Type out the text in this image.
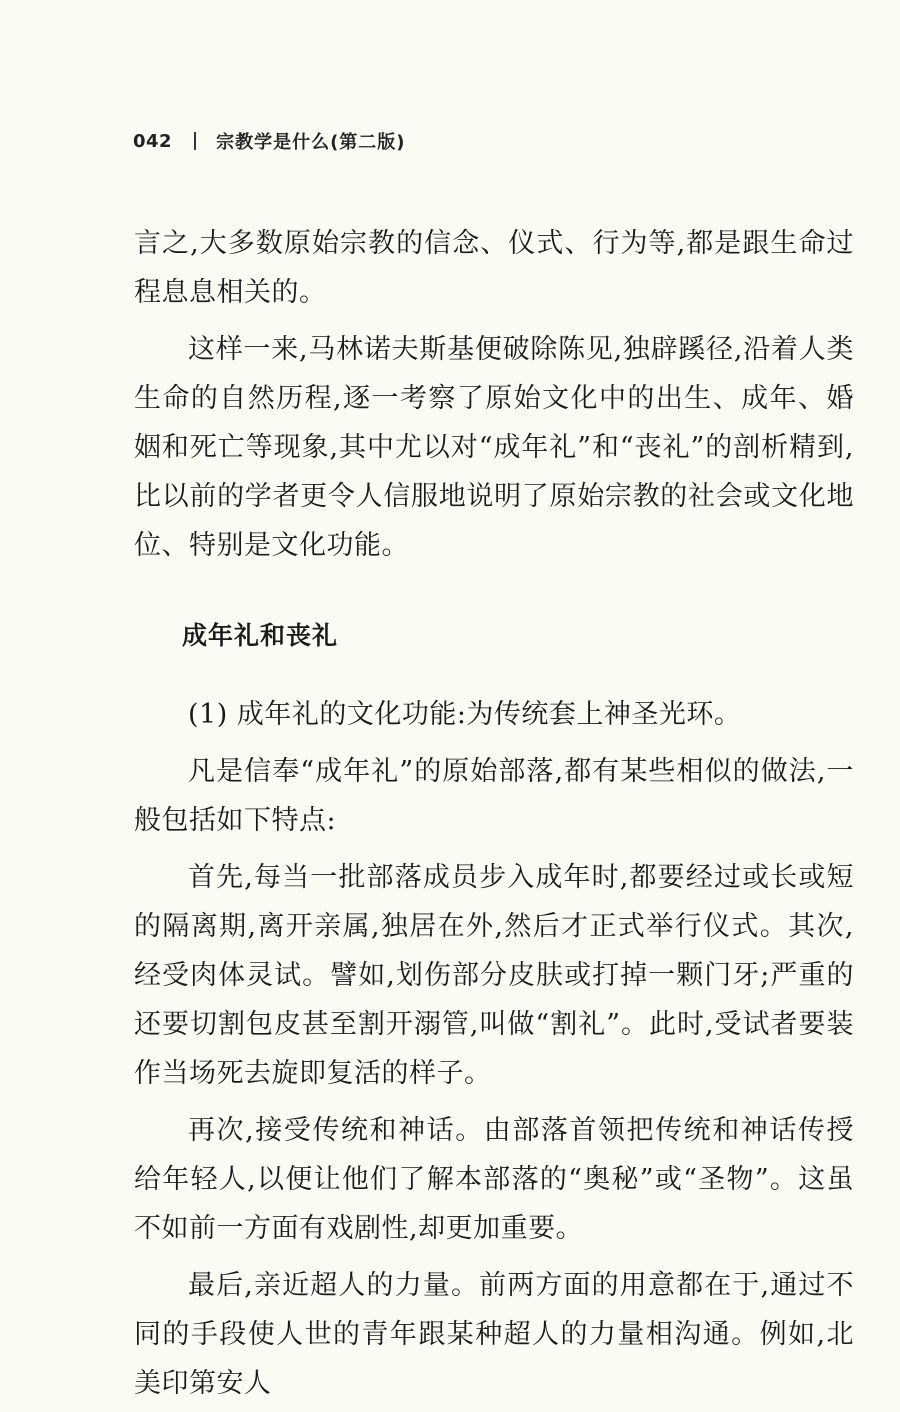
042 宗教学是什么(第二版)

言之,大多数原始宗教的信念、仪式、行为等,都是跟生命过程息息相关的。

这样一来,马林诺夫斯基便破除陈见,独辟蹊径,沿着人类生命的自然历程,逐一考察了原始文化中的出生、成年、婚姻和死亡等现象,其中尤以对“成年礼”和“丧礼”的剖析精到,比以前的学者更令人信服地说明了原始宗教的社会或文化地位、特别是文化功能。

成年礼和丧礼

(1) 成年礼的文化功能:为传统套上神圣光环。

凡是信奉“成年礼”的原始部落,都有某些相似的做法,一般包括如下特点:

首先,每当一批部落成员步入成年时,都要经过或长或短的隔离期,离开亲属,独居在外,然后才正式举行仪式。其次,经受肉体灵试。譬如,划伤部分皮肤或打掉一颗门牙;严重的还要切割包皮甚至割开溺管,叫做“割礼”。此时,受试者要装作当场死去旋即复活的样子。

再次,接受传统和神话。由部落首领把传统和神话传授给年轻人,以便让他们了解本部落的“奥秘”或“圣物”。这虽不如前一方面有戏剧性,却更加重要。

最后,亲近超人的力量。前两方面的用意都在于,通过不同的手段使人世的青年跟某种超人的力量相沟通。例如,北美印第安人
